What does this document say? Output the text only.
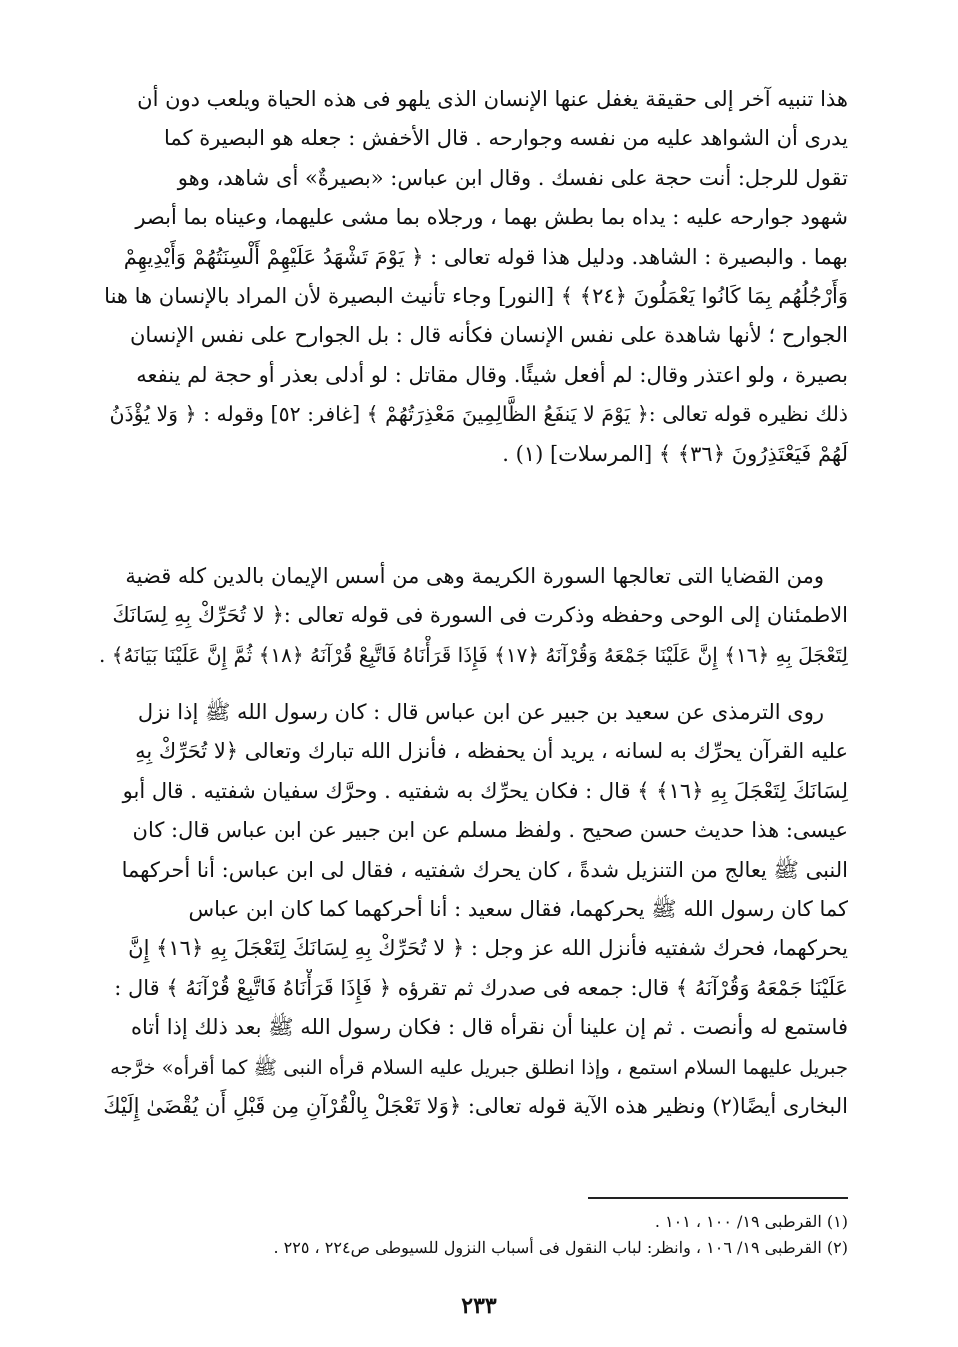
هذا تنبيه آخر إلى حقيقة يغفل عنها الإنسان الذى يلهو فى هذه الحياة ويلعب دون أن
يدرى أن الشواهد عليه من نفسه وجوارحه . قال الأخفش : جعله هو البصيرة كما
تقول للرجل: أنت حجة على نفسك . وقال ابن عباس: «بصيرةٌ» أى شاهد، وهو
شهود جوارحه عليه : يداه بما بطش بهما ، ورجلاه بما مشى عليهما، وعيناه بما أبصر
بهما . والبصيرة : الشاهد. ودليل هذا قوله تعالى : ﴿ يَوْمَ تَشْهَدُ عَلَيْهِمْ أَلْسِنَتُهُمْ وَأَيْدِيهِمْ
وَأَرْجُلُهُم بِمَا كَانُوا يَعْمَلُونَ ﴿٢٤﴾ ﴾ [النور] وجاء تأنيث البصيرة لأن المراد بالإنسان ها هنا
الجوارح ؛ لأنها شاهدة على نفس الإنسان فكأنه قال : بل الجوارح على نفس الإنسان
بصيرة ، ولو اعتذر وقال: لم أفعل شيئًا. وقال مقاتل : لو أدلى بعذر أو حجة لم ينفعه
ذلك نظيره قوله تعالى :﴿ يَوْمَ لا يَنفَعُ الظَّالِمِينَ مَعْذِرَتُهُمْ ﴾ [غافر: ٥٢] وقوله : ﴿ وَلا يُؤْذَنُ
لَهُمْ فَيَعْتَذِرُونَ ﴿٣٦﴾ ﴾ [المرسلات] (١) .
ومن القضايا التى تعالجها السورة الكريمة وهى من أسس الإيمان بالدين كله قضية
الاطمئنان إلى الوحى وحفظه وذكرت فى السورة فى قوله تعالى :﴿ لا تُحَرِّكْ بِهِ لِسَانَكَ
لِتَعْجَلَ بِهِ ﴿١٦﴾ إِنَّ عَلَيْنَا جَمْعَهُ وَقُرْآنَهُ ﴿١٧﴾ فَإِذَا قَرَأْنَاهُ فَاتَّبِعْ قُرْآنَهُ ﴿١٨﴾ ثُمَّ إِنَّ عَلَيْنَا بَيَانَهُ﴾ .
روى الترمذى عن سعيد بن جبير عن ابن عباس قال : كان رسول الله ﷺ إذا نزل
عليه القرآن يحرِّك به لسانه ، يريد أن يحفظه ، فأنزل الله تبارك وتعالى ﴿لا تُحَرِّكْ بِهِ
لِسَانَكَ لِتَعْجَلَ بِهِ ﴿١٦﴾ ﴾ قال : فكان يحرِّك به شفتيه . وحرَّك سفيان شفتيه . قال أبو
عيسى: هذا حديث حسن صحيح . ولفظ مسلم عن ابن جبير عن ابن عباس قال: كان
النبى ﷺ يعالج من التنزيل شدةً ، كان يحرك شفتيه ، فقال لى ابن عباس: أنا أحركهما
كما كان رسول الله ﷺ يحركهما، فقال سعيد : أنا أحركهما كما كان ابن عباس
يحركهما، فحرك شفتيه فأنزل الله عز وجل : ﴿ لا تُحَرِّكْ بِهِ لِسَانَكَ لِتَعْجَلَ بِهِ ﴿١٦﴾ إِنَّ
عَلَيْنَا جَمْعَهُ وَقُرْآنَهُ ﴾ قال: جمعه فى صدرك ثم تقرؤه ﴿ فَإِذَا قَرَأْنَاهُ فَاتَّبِعْ قُرْآنَهُ ﴾ قال :
فاستمع له وأنصت . ثم إن علينا أن نقرأه قال : فكان رسول الله ﷺ بعد ذلك إذا أتاه
جبريل عليهما السلام استمع ، وإذا انطلق جبريل عليه السلام قرأه النبى ﷺ كما أقرأه» خرَّجه
البخارى أيضًا(٢) ونظير هذه الآية قوله تعالى: ﴿وَلا تَعْجَلْ بِالْقُرْآنِ مِن قَبْلِ أَن يُقْضَىٰ إِلَيْكَ
(١) القرطبى ١٩/ ١٠٠ ، ١٠١ .
(٢) القرطبى ١٩/ ١٠٦ ، وانظر: لباب النقول فى أسباب النزول للسيوطى ص٢٢٤ ، ٢٢٥ .
٢٣٣
